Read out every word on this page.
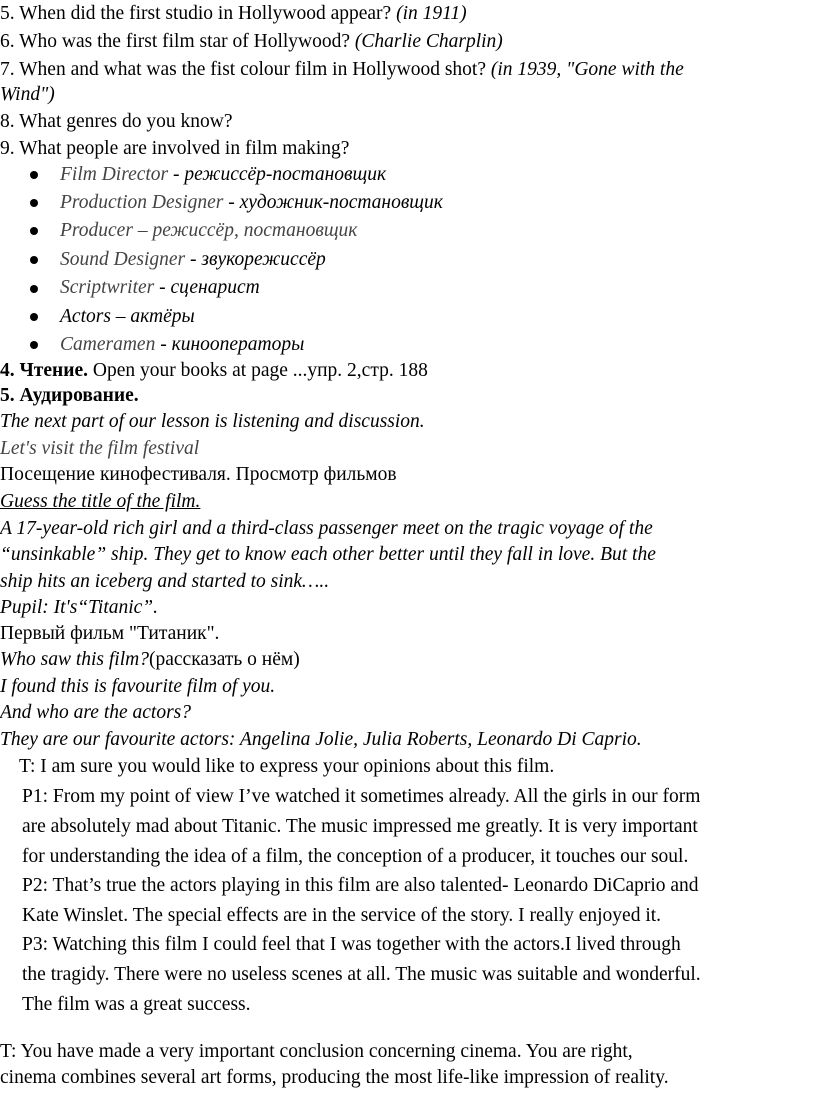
5. When did the first studio in Hollywood appear? (in 1911)
6. Who was the first film star of Hollywood? (Charlie Charplin)
7. When and what was the fist colour film in Hollywood shot? (in 1939, "Gone with the
Wind")
8. What genres do you know?
9. What people are involved in film making?
Film Director - режиссёр-постановщик
Production Designer - художник-постановщик
Producer – режиссёр, постановщик
Sound Designer - звукорежиссёр
Scriptwriter - сценарист
Actors – актёры
Cameramen - кинооператоры
4. Чтение. Open your books at page ...упр. 2,стр. 188
5. Аудирование.
The next part of our lesson is listening and discussion.
Let's visit the film festival
Посещение кинофестиваля. Просмотр фильмов
Guess the title of the film.
A 17-year-old rich girl and a third-class passenger meet on the tragic voyage of the
“unsinkable” ship. They get to know each other better until they fall in love. But the
ship hits an iceberg and started to sink…..
Pupil: It's“Titanic”.
Первый фильм "Титаник".
Who saw this film?(рассказать о нём)
I found this is favourite film of you.
And who are the actors?
They are our favourite actors: Angelina Jolie, Julia Roberts, Leonardo Di Caprio.
T: I am sure you would like to express your opinions about this film.
P1: From my point of view I’ve watched it sometimes already. All the girls in our form
are absolutely mad about Titanic. The music impressed me greatly. It is very important
for understanding the idea of a film, the conception of a producer, it touches our soul.
P2: That’s true the actors playing in this film are also talented- Leonardo DiCaprio and
Kate Winslet. The special effects are in the service of the story. I really enjoyed it.
P3: Watching this film I could feel that I was together with the actors.I lived through
the tragidy. There were no useless scenes at all. The music was suitable and wonderful.
The film was a great success.
T: You have made a very important conclusion concerning cinema. You are right,
cinema combines several art forms, producing the most life-like impression of reality.
